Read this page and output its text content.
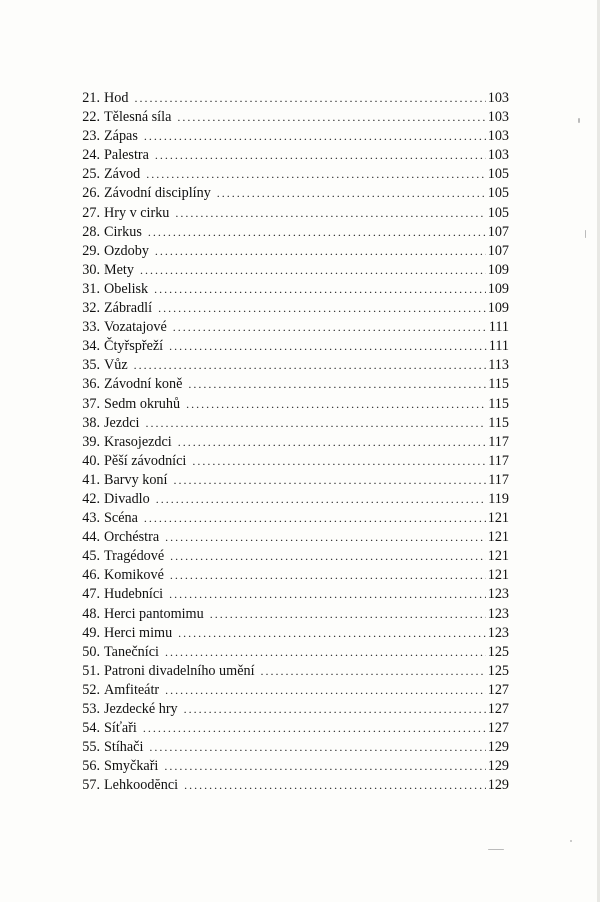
21. Hod .....	103
22. Tělesná síla .....	103
23. Zápas .....	103
24. Palestra .....	103
25. Závod .....	105
26. Závodní disciplíny .....	105
27. Hry v cirku .....	105
28. Cirkus .....	107
29. Ozdoby .....	107
30. Mety .....	109
31. Obelisk .....	109
32. Zábradlí .....	109
33. Vozatajové .....	111
34. Čtyřspřeží .....	111
35. Vůz .....	113
36. Závodní koně .....	115
37. Sedm okruhů .....	115
38. Jezdci .....	115
39. Krasojezdci .....	117
40. Pěší závodníci .....	117
41. Barvy koní .....	117
42. Divadlo .....	119
43. Scéna .....	121
44. Orchéstra .....	121
45. Tragédové .....	121
46. Komikové .....	121
47. Hudebníci .....	123
48. Herci pantomimu .....	123
49. Herci mimu .....	123
50. Tanečníci .....	125
51. Patroni divadelního umění .....	125
52. Amfiteátr .....	127
53. Jezdecké hry .....	127
54. Síťaři .....	127
55. Stíhači .....	129
56. Smyčkaři .....	129
57. Lehkoodĕnci .....	129
